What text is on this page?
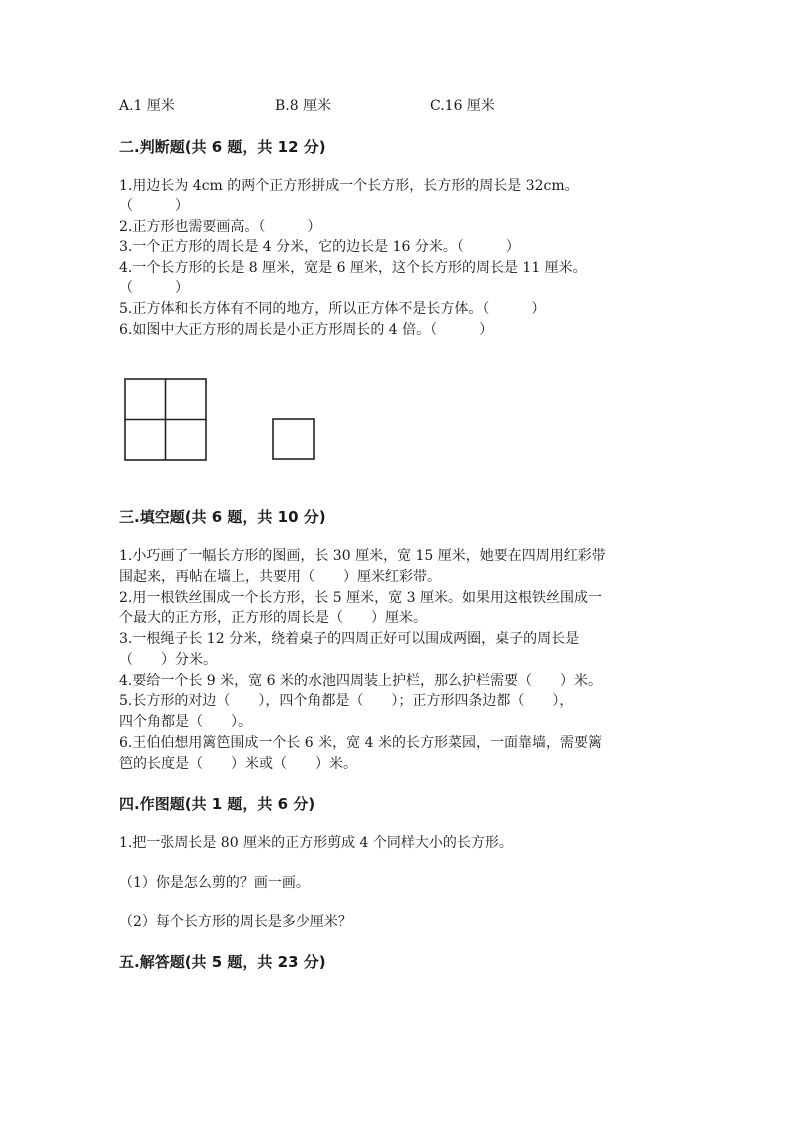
A.1 厘米	B.8 厘米	C.16 厘米
二.判断题(共 6 题，共 12 分)
1.用边长为 4cm 的两个正方形拼成一个长方形，长方形的周长是 32cm。
（　　　）
2.正方形也需要画高。（　　　）
3.一个正方形的周长是 4 分米，它的边长是 16 分米。（　　　）
4.一个长方形的长是 8 厘米，宽是 6 厘米，这个长方形的周长是 11 厘米。
（　　　）
5.正方体和长方体有不同的地方，所以正方体不是长方体。（　　　）
6.如图中大正方形的周长是小正方形周长的 4 倍。（　　　）
三.填空题(共 6 题，共 10 分)
1.小巧画了一幅长方形的图画，长 30 厘米，宽 15 厘米，她要在四周用红彩带
围起来，再帖在墙上，共要用（　　）厘米红彩带。
2.用一根铁丝围成一个长方形，长 5 厘米，宽 3 厘米。如果用这根铁丝围成一
个最大的正方形，正方形的周长是（　　）厘米。
3.一根绳子长 12 分米，绕着桌子的四周正好可以围成两圈，桌子的周长是
（　　）分米。
4.要给一个长 9 米，宽 6 米的水池四周装上护栏，那么护栏需要（　　）米。
5.长方形的对边（　　），四个角都是（　　）；正方形四条边都（　　），
四个角都是（　　）。
6.王伯伯想用篱笆围成一个长 6 米，宽 4 米的长方形菜园，一面靠墙，需要篱
笆的长度是（　　）米或（　　）米。
四.作图题(共 1 题，共 6 分)
1.把一张周长是 80 厘米的正方形剪成 4 个同样大小的长方形。
（1）你是怎么剪的？画一画。
（2）每个长方形的周长是多少厘米？
五.解答题(共 5 题，共 23 分)
